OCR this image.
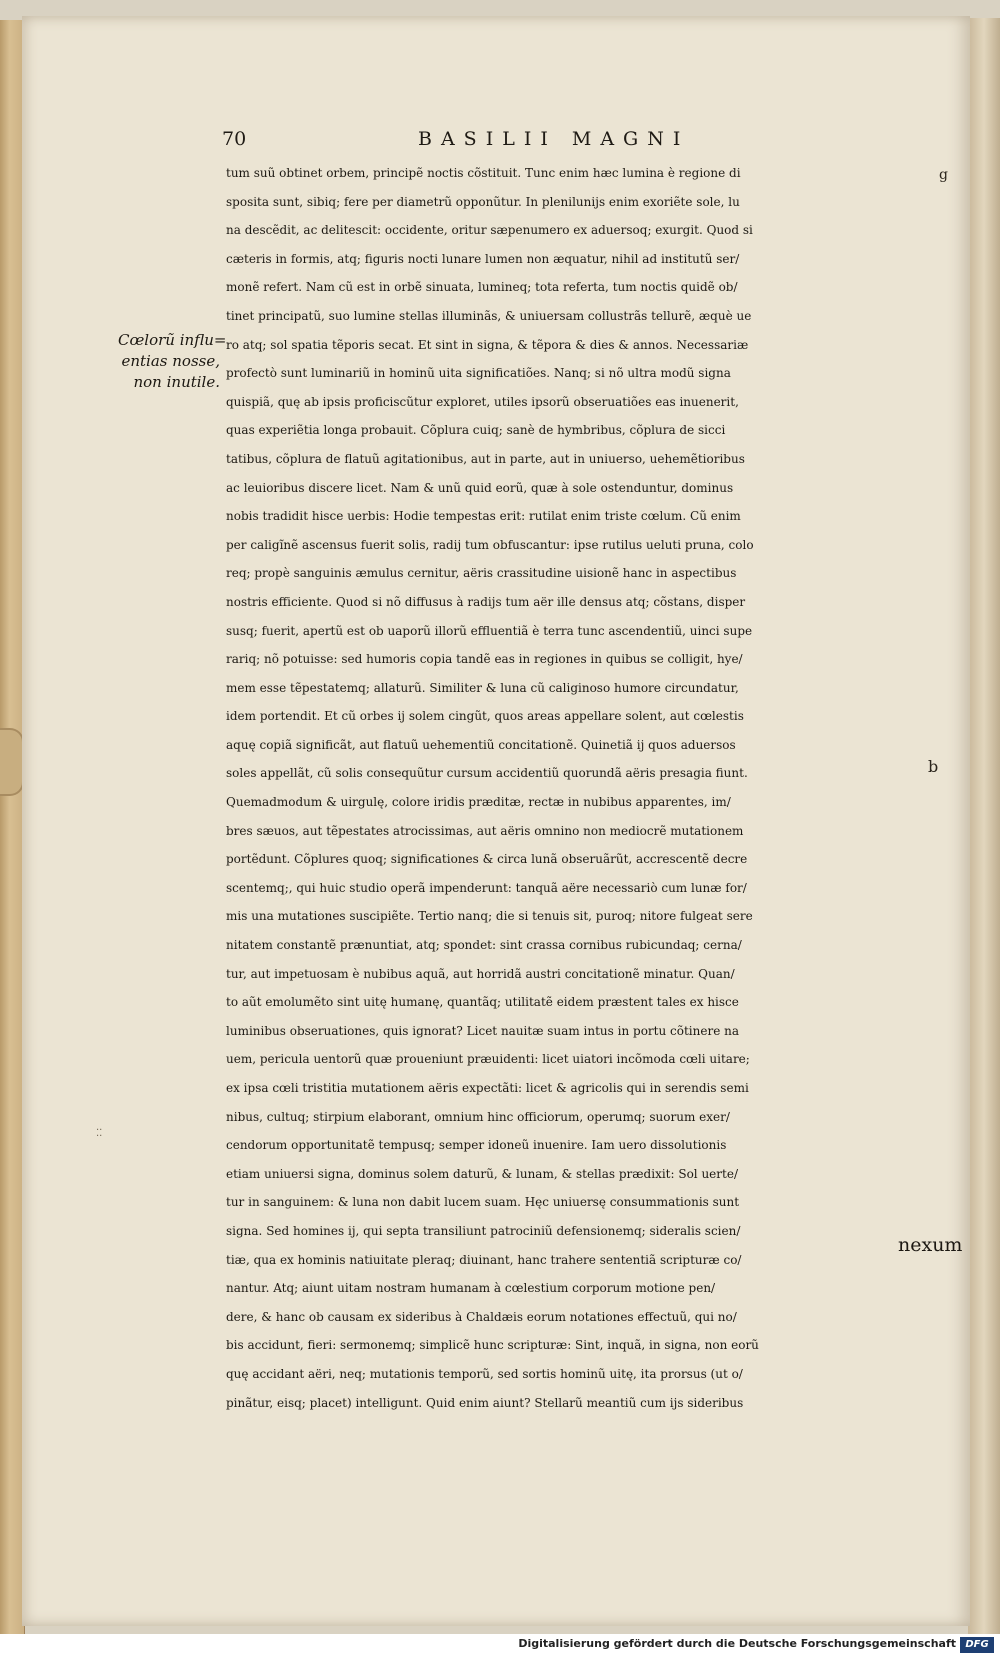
70	BASILII MAGNI
g
Cœlorũ influ=
entias nosse,
non inutile.
b
⁚⁚
tum suũ obtinet orbem, principẽ noctis cõstituit. Tunc enim hæc lumina è regione di
sposita sunt, sibiq; fere per diametrũ opponũtur. In plenilunijs enim exoriẽte sole, lu
na descẽdit, ac delitescit: occidente, oritur sæpenumero ex aduersoq; exurgit. Quod si
cæteris in formis, atq; figuris nocti lunare lumen non æquatur, nihil ad institutũ ser/
monẽ refert. Nam cũ est in orbẽ sinuata, lumineq; tota referta, tum noctis quidẽ ob/
tinet principatũ, suo lumine stellas illuminãs, & uniuersam collustrãs tellurẽ, æquè ue
ro atq; sol spatia tẽporis secat. Et sint in signa, & tẽpora & dies & annos. Necessariæ
profectò sunt luminariũ in hominũ uita significatiões. Nanq; si nõ ultra modũ signa
quispiã, quę ab ipsis proficiscũtur exploret, utiles ipsorũ obseruatiões eas inuenerit,
quas experiẽtia longa probauit. Cõplura cuiq; sanè de hymbribus, cõplura de sicci
tatibus, cõplura de flatuũ agitationibus, aut in parte, aut in uniuerso, uehemẽtioribus
ac leuioribus discere licet. Nam & unũ quid eorũ, quæ à sole ostenduntur, dominus
nobis tradidit hisce uerbis: Hodie tempestas erit: rutilat enim triste cœlum. Cũ enim
per caligĩnẽ ascensus fuerit solis, radij tum obfuscantur: ipse rutilus ueluti pruna, colo
req; propè sanguinis æmulus cernitur, aëris crassitudine uisionẽ hanc in aspectibus
nostris efficiente. Quod si nõ diffusus à radijs tum aër ille densus atq; cõstans, disper
susq; fuerit, apertũ est ob uaporũ illorũ effluentiã è terra tunc ascendentiũ, uinci supe
rariq; nõ potuisse: sed humoris copia tandẽ eas in regiones in quibus se colligit, hye/
mem esse tẽpestatemq; allaturũ. Similiter & luna cũ caliginoso humore circundatur,
idem portendit. Et cũ orbes ij solem cingũt, quos areas appellare solent, aut cœlestis
aquę copiã significãt, aut flatuũ uehementiũ concitationẽ. Quinetiã ij quos aduersos
soles appellãt, cũ solis consequũtur cursum accidentiũ quorundã aëris presagia fiunt.
Quemadmodum & uirgulę, colore iridis prӕditæ, rectæ in nubibus apparentes, im/
bres sæuos, aut tẽpestates atrocissimas, aut aëris omnino non mediocrẽ mutationem
portẽdunt. Cõplures quoq; significationes & circa lunã obseruãrũt, accrescentẽ decre
scentemq;, qui huic studio operã impenderunt: tanquã aëre necessariò cum lunæ for/
mis una mutationes suscipiẽte. Tertio nanq; die si tenuis sit, puroq; nitore fulgeat sere
nitatem constantẽ prӕnuntiat, atq; spondet: sint crassa cornibus rubicundaq; cerna/
tur, aut impetuosam è nubibus aquã, aut horridã austri concitationẽ minatur. Quan/
to aũt emolumẽto sint uitę humanę, quantãq; utilitatẽ eidem prӕstent tales ex hisce
luminibus obseruationes, quis ignorat? Licet nauitæ suam intus in portu cõtinere na
uem, pericula uentorũ quæ proueniunt prӕuidenti: licet uiatori incõmoda cœli uitare;
ex ipsa cœli tristitia mutationem aëris expectãti: licet & agricolis qui in serendis semi
nibus, cultuq; stirpium elaborant, omnium hinc officiorum, operumq; suorum exer/
cendorum opportunitatẽ tempusq; semper idoneũ inuenire. Iam uero dissolutionis
etiam uniuersi signa, dominus solem daturũ, & lunam, & stellas prӕdixit: Sol uerte/
tur in sanguinem: & luna non dabit lucem suam. Hęc uniuersę consummationis sunt
signa. Sed homines ij, qui septa transiliunt patrociniũ defensionemq; sideralis scien/
tiæ, qua ex hominis natiuitate pleraq; diuinant, hanc trahere sententiã scripturæ co/
nantur. Atq; aiunt uitam nostram humanam à cœlestium corporum motione pen/
dere, & hanc ob causam ex sideribus à Chaldæis eorum notationes effectuũ, qui no/
bis accidunt, fieri: sermonemq; simplicẽ hunc scripturæ: Sint, inquã, in signa, non eorũ
quę accidant aëri, neq; mutationis temporũ, sed sortis hominũ uitę, ita prorsus (ut o/
pinãtur, eisq; placet) intelligunt. Quid enim aiunt? Stellarũ meantiũ cum ijs sideribus
nexum
Digitalisierung gefördert durch die Deutsche Forschungsgemeinschaft DFG
